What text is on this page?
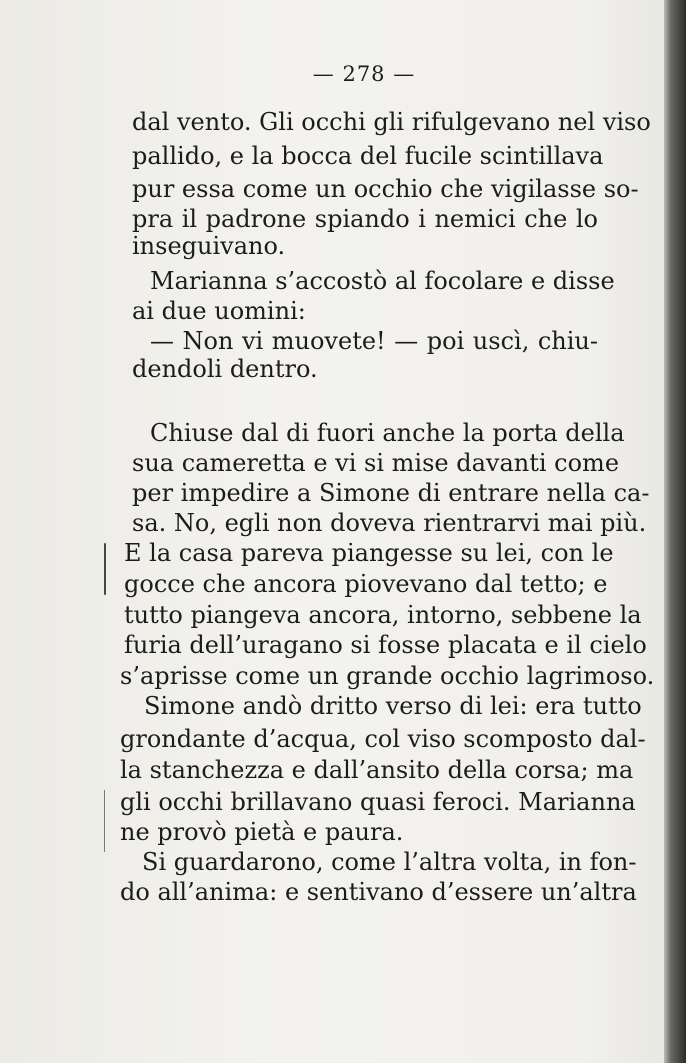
— 278 —
dal vento. Gli occhi gli rifulgevano nel viso
pallido, e la bocca del fucile scintillava
pur essa come un occhio che vigilasse so-
pra il padrone spiando i nemici che lo
inseguivano.
Marianna s’accostò al focolare e disse
ai due uomini:
— Non vi muovete! — poi uscì, chiu-
dendoli dentro.
Chiuse dal di fuori anche la porta della
sua cameretta e vi si mise davanti come
per impedire a Simone di entrare nella ca-
sa. No, egli non doveva rientrarvi mai più.
E la casa pareva piangesse su lei, con le
gocce che ancora piovevano dal tetto; e
tutto piangeva ancora, intorno, sebbene la
furia dell’uragano si fosse placata e il cielo
s’aprisse come un grande occhio lagrimoso.
Simone andò dritto verso di lei: era tutto
grondante d’acqua, col viso scomposto dal-
la stanchezza e dall’ansito della corsa; ma
gli occhi brillavano quasi feroci. Marianna
ne provò pietà e paura.
Si guardarono, come l’altra volta, in fon-
do all’anima: e sentivano d’essere un’altra
